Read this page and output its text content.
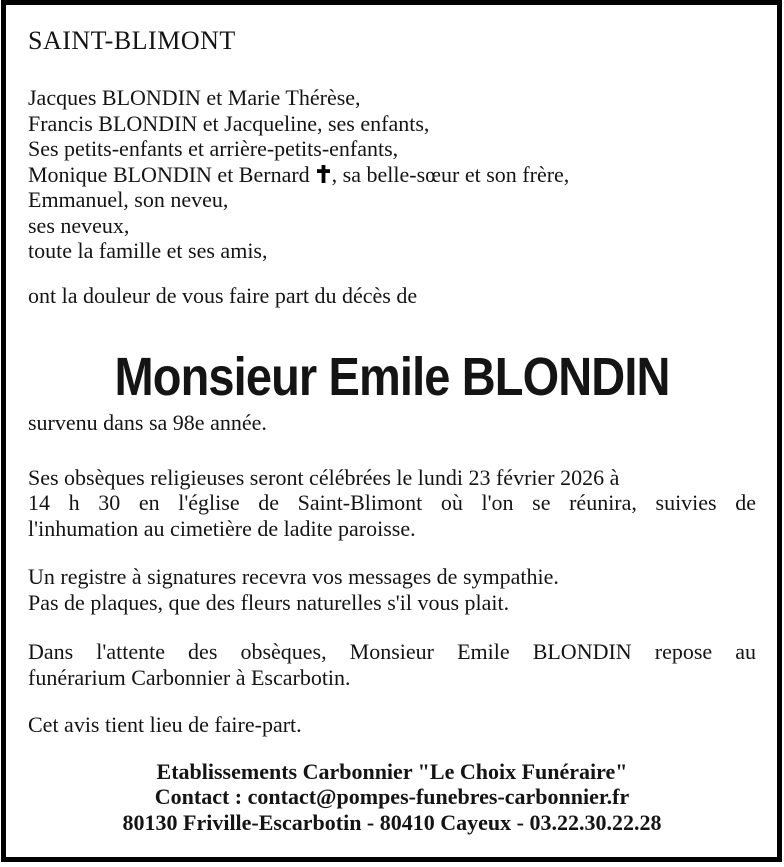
SAINT-BLIMONT
Jacques BLONDIN et Marie Thérèse,
Francis BLONDIN et Jacqueline, ses enfants,
Ses petits-enfants et arrière-petits-enfants,
Monique BLONDIN et Bernard , sa belle-sœur et son frère,
Emmanuel, son neveu,
ses neveux,
toute la famille et ses amis,
ont la douleur de vous faire part du décès de
Monsieur Emile BLONDIN
survenu dans sa 98e année.
Ses obsèques religieuses seront célébrées le lundi 23 février 2026 à
14 h 30 en l'église de Saint-Blimont où l'on se réunira, suivies de
l'inhumation au cimetière de ladite paroisse.
Un registre à signatures recevra vos messages de sympathie.
Pas de plaques, que des fleurs naturelles s'il vous plait.
Dans l'attente des obsèques, Monsieur Emile BLONDIN repose au
funérarium Carbonnier à Escarbotin.
Cet avis tient lieu de faire-part.
Etablissements Carbonnier "Le Choix Funéraire"
Contact : contact@pompes-funebres-carbonnier.fr
80130 Friville-Escarbotin - 80410 Cayeux - 03.22.30.22.28
